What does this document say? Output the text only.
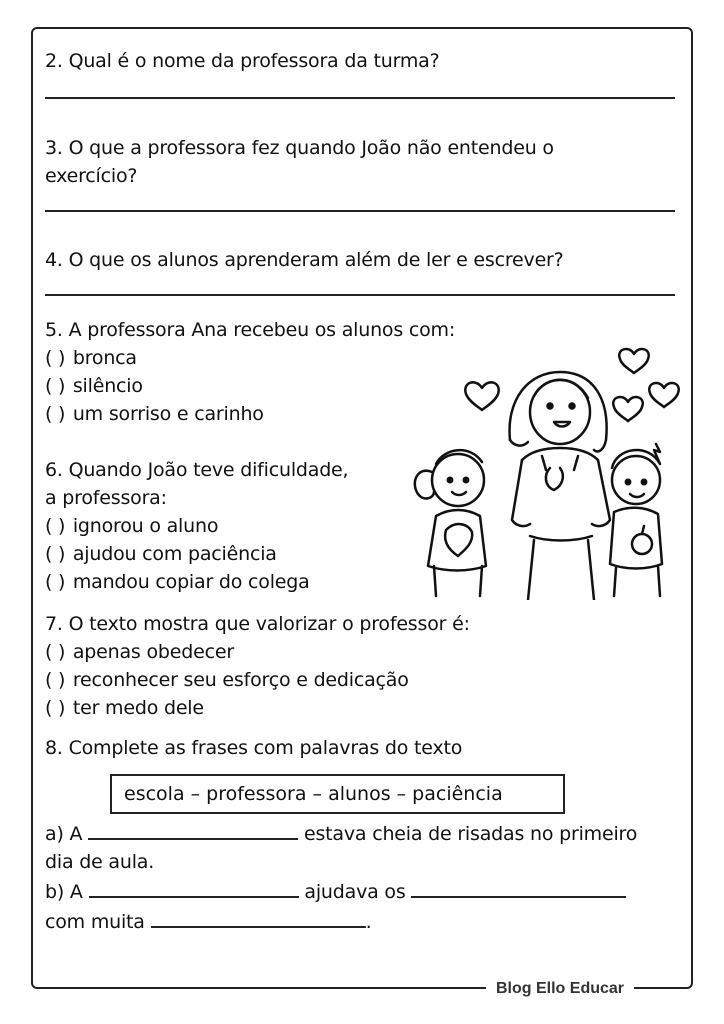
2. Qual é o nome da professora da turma?
3. O que a professora fez quando João não entendeu o
exercício?
4. O que os alunos aprenderam além de ler e escrever?
5. A professora Ana recebeu os alunos com:
( ) bronca
( ) silêncio
( ) um sorriso e carinho
6. Quando João teve dificuldade,
a professora:
( ) ignorou o aluno
( ) ajudou com paciência
( ) mandou copiar do colega
7. O texto mostra que valorizar o professor é:
( ) apenas obedecer
( ) reconhecer seu esforço e dedicação
( ) ter medo dele
8. Complete as frases com palavras do texto
escola – professora – alunos – paciência
a) A	estava cheia de risadas no primeiro
dia de aula.
b) A	ajudava os
com muita	.
Blog Ello Educar
